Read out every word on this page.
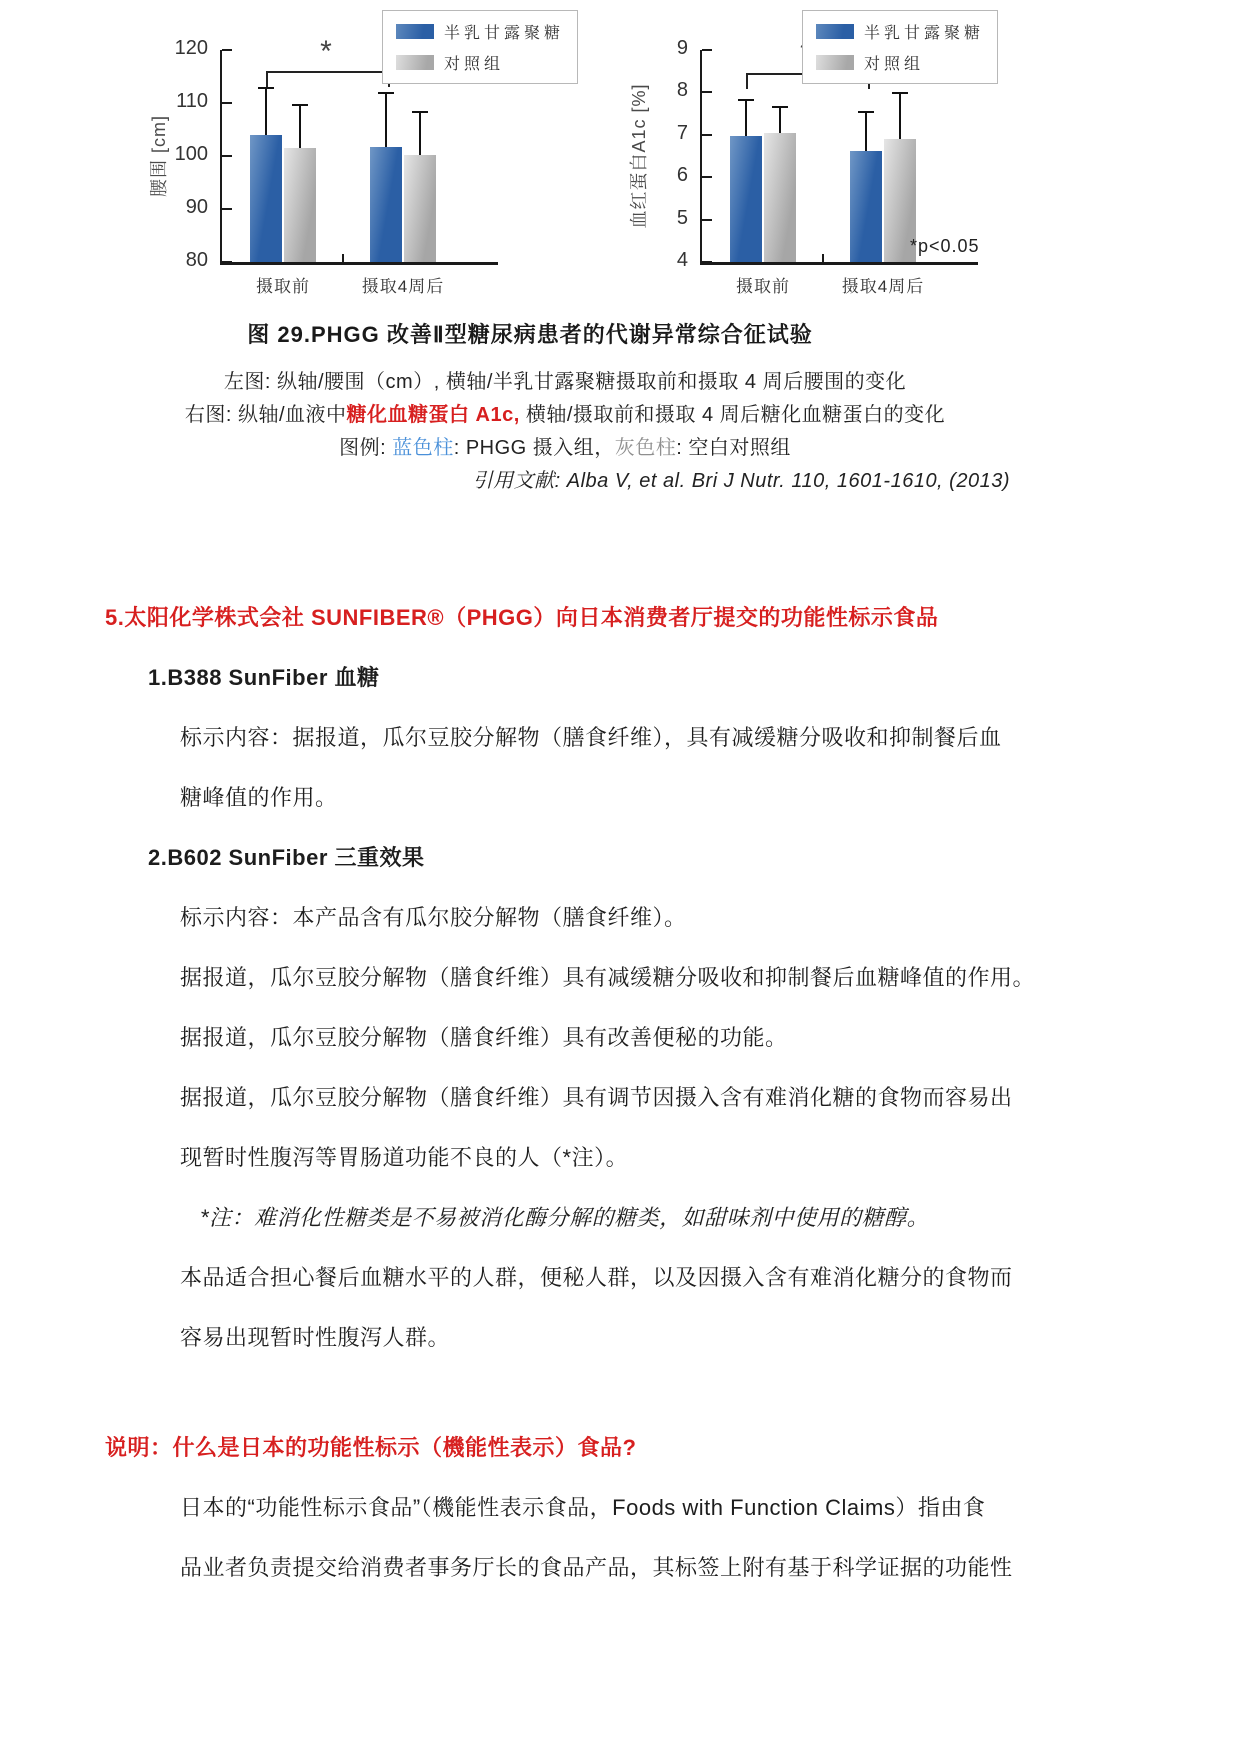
120
110
100
90
80
腰围 [cm]
*
摄取前	摄取4周后
半乳甘露聚糖
对照组
9
8
7
6
5
4
血红蛋白A1c [%]
摄取前	摄取4周后
半乳甘露聚糖
对照组
*p<0.05
图 29.PHGG 改善Ⅱ型糖尿病患者的代谢异常综合征试验
左图: 纵轴/腰围（cm）, 横轴/半乳甘露聚糖摄取前和摄取 4 周后腰围的变化
右图: 纵轴/血液中糖化血糖蛋白 A1c, 横轴/摄取前和摄取 4 周后糖化血糖蛋白的变化
图例: 蓝色柱: PHGG 摄入组，灰色柱: 空白对照组
引用文献: Alba V, et al. Bri J Nutr. 110, 1601-1610, (2013)
5.太阳化学株式会社 SUNFIBER®（PHGG）向日本消费者厅提交的功能性标示食品
1.B388 SunFiber 血糖
标示内容：据报道，瓜尔豆胶分解物（膳食纤维），具有减缓糖分吸收和抑制餐后血
糖峰值的作用。
2.B602 SunFiber 三重效果
标示内容：本产品含有瓜尔胶分解物（膳食纤维）。
据报道，瓜尔豆胶分解物（膳食纤维）具有减缓糖分吸收和抑制餐后血糖峰值的作用。
据报道，瓜尔豆胶分解物（膳食纤维）具有改善便秘的功能。
据报道，瓜尔豆胶分解物（膳食纤维）具有调节因摄入含有难消化糖的食物而容易出
现暂时性腹泻等胃肠道功能不良的人（*注）。
*注：难消化性糖类是不易被消化酶分解的糖类，如甜味剂中使用的糖醇。
本品适合担心餐后血糖水平的人群，便秘人群，以及因摄入含有难消化糖分的食物而
容易出现暂时性腹泻人群。
说明：什么是日本的功能性标示（機能性表示）食品?
日本的“功能性标示食品”（機能性表示食品，Foods with Function Claims）指由食
品业者负责提交给消费者事务厅长的食品产品，其标签上附有基于科学证据的功能性
